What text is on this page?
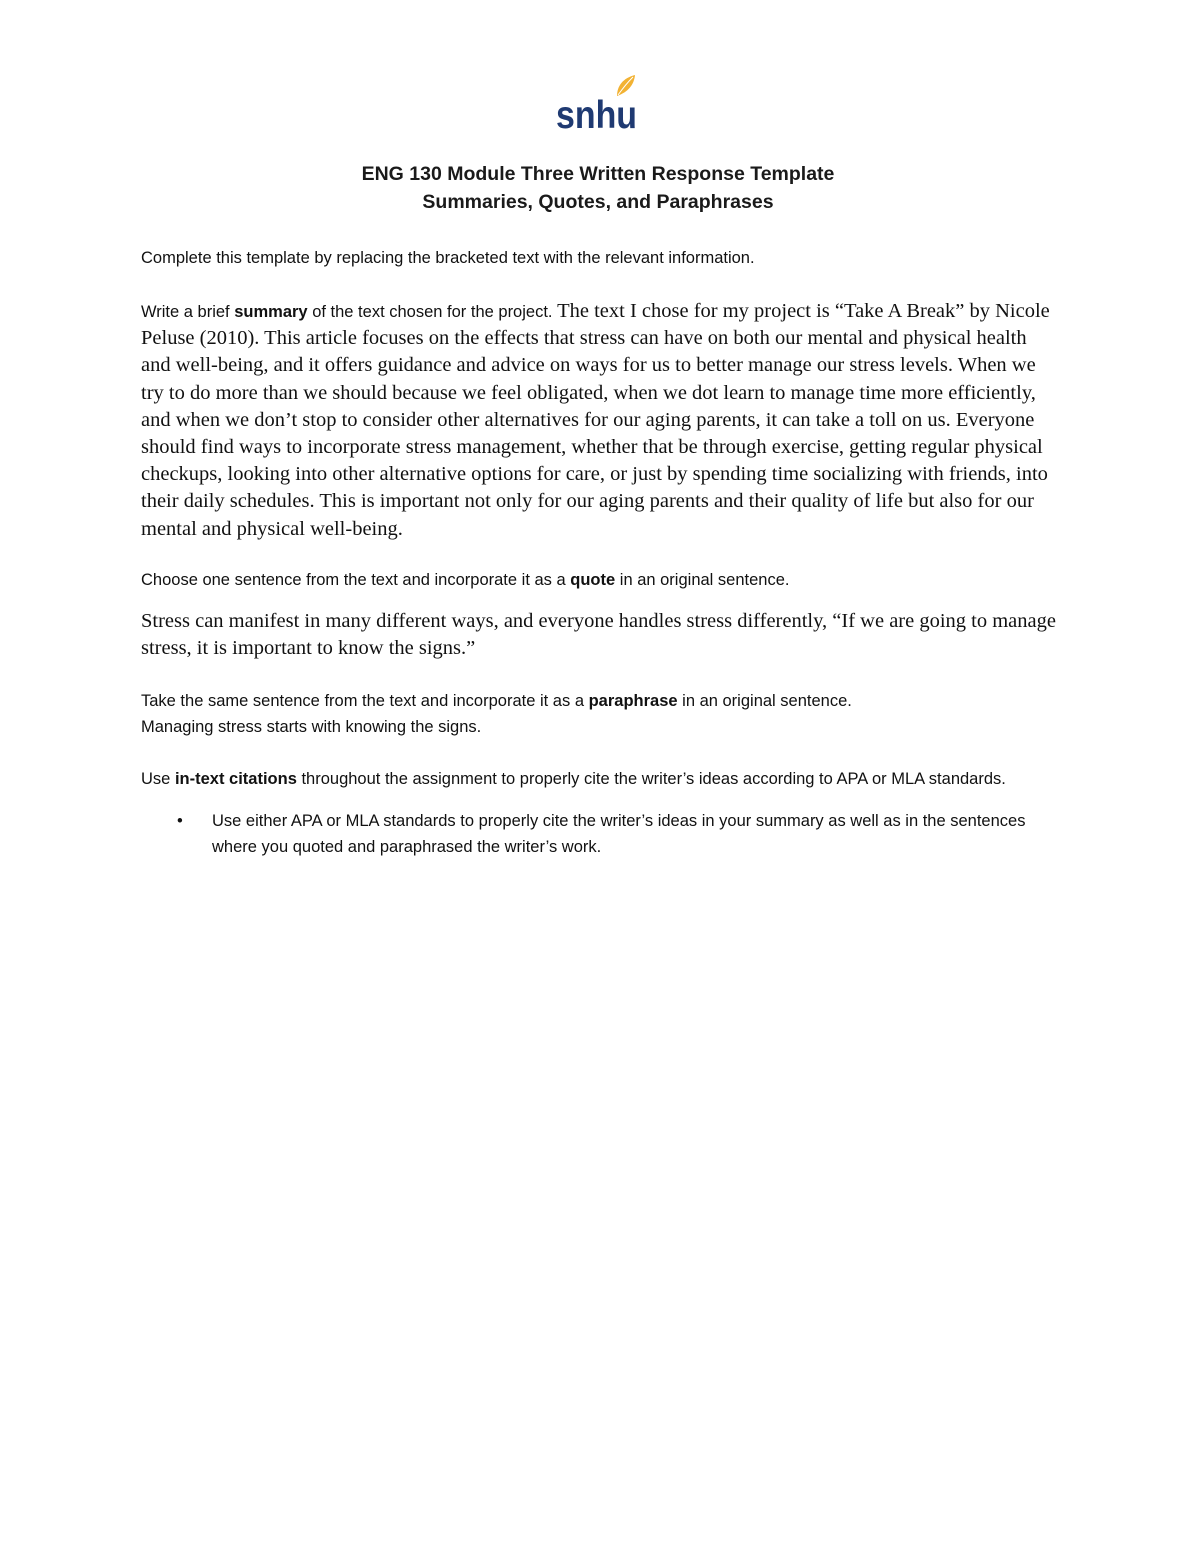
snhu
ENG 130 Module Three Written Response Template
Summaries, Quotes, and Paraphrases

Complete this template by replacing the bracketed text with the relevant information.

Write a brief summary of the text chosen for the project. The text I chose for my project is “Take A Break” by Nicole Peluse (2010). This article focuses on the effects that stress can have on both our mental and physical health and well-being, and it offers guidance and advice on ways for us to better manage our stress levels. When we try to do more than we should because we feel obligated, when we dot learn to manage time more efficiently, and when we don’t stop to consider other alternatives for our aging parents, it can take a toll on us. Everyone should find ways to incorporate stress management, whether that be through exercise, getting regular physical checkups, looking into other alternative options for care, or just by spending time socializing with friends, into their daily schedules. This is important not only for our aging parents and their quality of life but also for our mental and physical well-being.

Choose one sentence from the text and incorporate it as a quote in an original sentence.

Stress can manifest in many different ways, and everyone handles stress differently, “If we are going to manage stress, it is important to know the signs.”

Take the same sentence from the text and incorporate it as a paraphrase in an original sentence.
Managing stress starts with knowing the signs.

Use in-text citations throughout the assignment to properly cite the writer’s ideas according to APA or MLA standards.

• Use either APA or MLA standards to properly cite the writer’s ideas in your summary as well as in the sentences where you quoted and paraphrased the writer’s work.
